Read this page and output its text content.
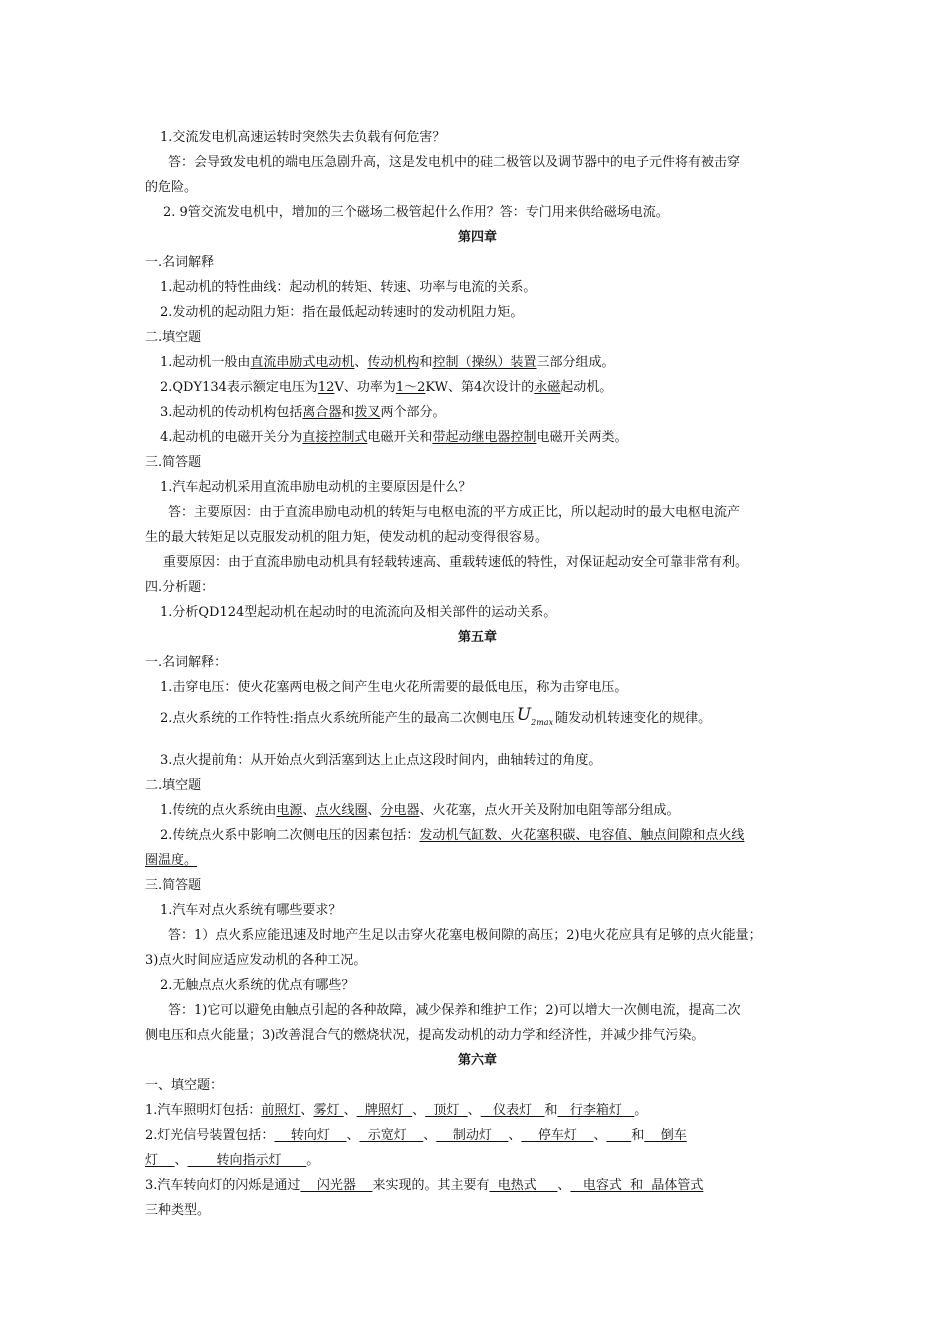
1.交流发电机高速运转时突然失去负载有何危害？
答：会导致发电机的端电压急剧升高，这是发电机中的硅二极管以及调节器中的电子元件将有被击穿
的危险。
2. 9管交流发电机中，增加的三个磁场二极管起什么作用？答：专门用来供给磁场电流。
第四章
一.名词解释
1.起动机的特性曲线：起动机的转矩、转速、功率与电流的关系。
2.发动机的起动阻力矩：指在最低起动转速时的发动机阻力矩。
二.填空题
1.起动机一般由直流串励式电动机、传动机构和控制（操纵）装置三部分组成。
2.QDY134表示额定电压为12V、功率为1～2KW、第4次设计的永磁起动机。
3.起动机的传动机构包括离合器和拨叉两个部分。
4.起动机的电磁开关分为直接控制式电磁开关和带起动继电器控制电磁开关两类。
三.简答题
1.汽车起动机采用直流串励电动机的主要原因是什么？
答：主要原因：由于直流串励电动机的转矩与电枢电流的平方成正比，所以起动时的最大电枢电流产
生的最大转矩足以克服发动机的阻力矩，使发动机的起动变得很容易。
重要原因：由于直流串励电动机具有轻载转速高、重载转速低的特性，对保证起动安全可靠非常有利。
四.分析题：
1.分析QD124型起动机在起动时的电流流向及相关部件的运动关系。
第五章
一.名词解释：
1.击穿电压：使火花塞两电极之间产生电火花所需要的最低电压，称为击穿电压。
2.点火系统的工作特性:指点火系统所能产生的最高二次侧电压 $U_{2max}$ 随发动机转速变化的规律。
3.点火提前角：从开始点火到活塞到达上止点这段时间内，曲轴转过的角度。
二.填空题
1.传统的点火系统由电源、点火线圈、分电器、火花塞，点火开关及附加电阻等部分组成。
2.传统点火系中影响二次侧电压的因素包括：发动机气缸数、火花塞积碳、电容值、触点间隙和点火线
圈温度。
三.简答题
1.汽车对点火系统有哪些要求？
答：1）点火系应能迅速及时地产生足以击穿火花塞电极间隙的高压；2)电火花应具有足够的点火能量；
3)点火时间应适应发动机的各种工况。
2.无触点点火系统的优点有哪些？
答：1)它可以避免由触点引起的各种故障，减少保养和维护工作；2)可以增大一次侧电流，提高二次
侧电压和点火能量；3)改善混合气的燃烧状况，提高发动机的动力学和经济性，并减少排气污染。
第六章
一、填空题：
1.汽车照明灯包括：前照灯、雾灯 、  牌照灯  、  顶灯  、   仪表灯   和   行李箱灯   。
2.灯光信号装置包括：    转向灯    、  示宽灯    、    制动灯    、    停车灯    、 和    倒车
灯    、       转向指示灯      。
3.汽车转向灯的闪烁是通过    闪光器    来实现的。其主要有  电热式     、   电容式  和  晶体管式
三种类型。
